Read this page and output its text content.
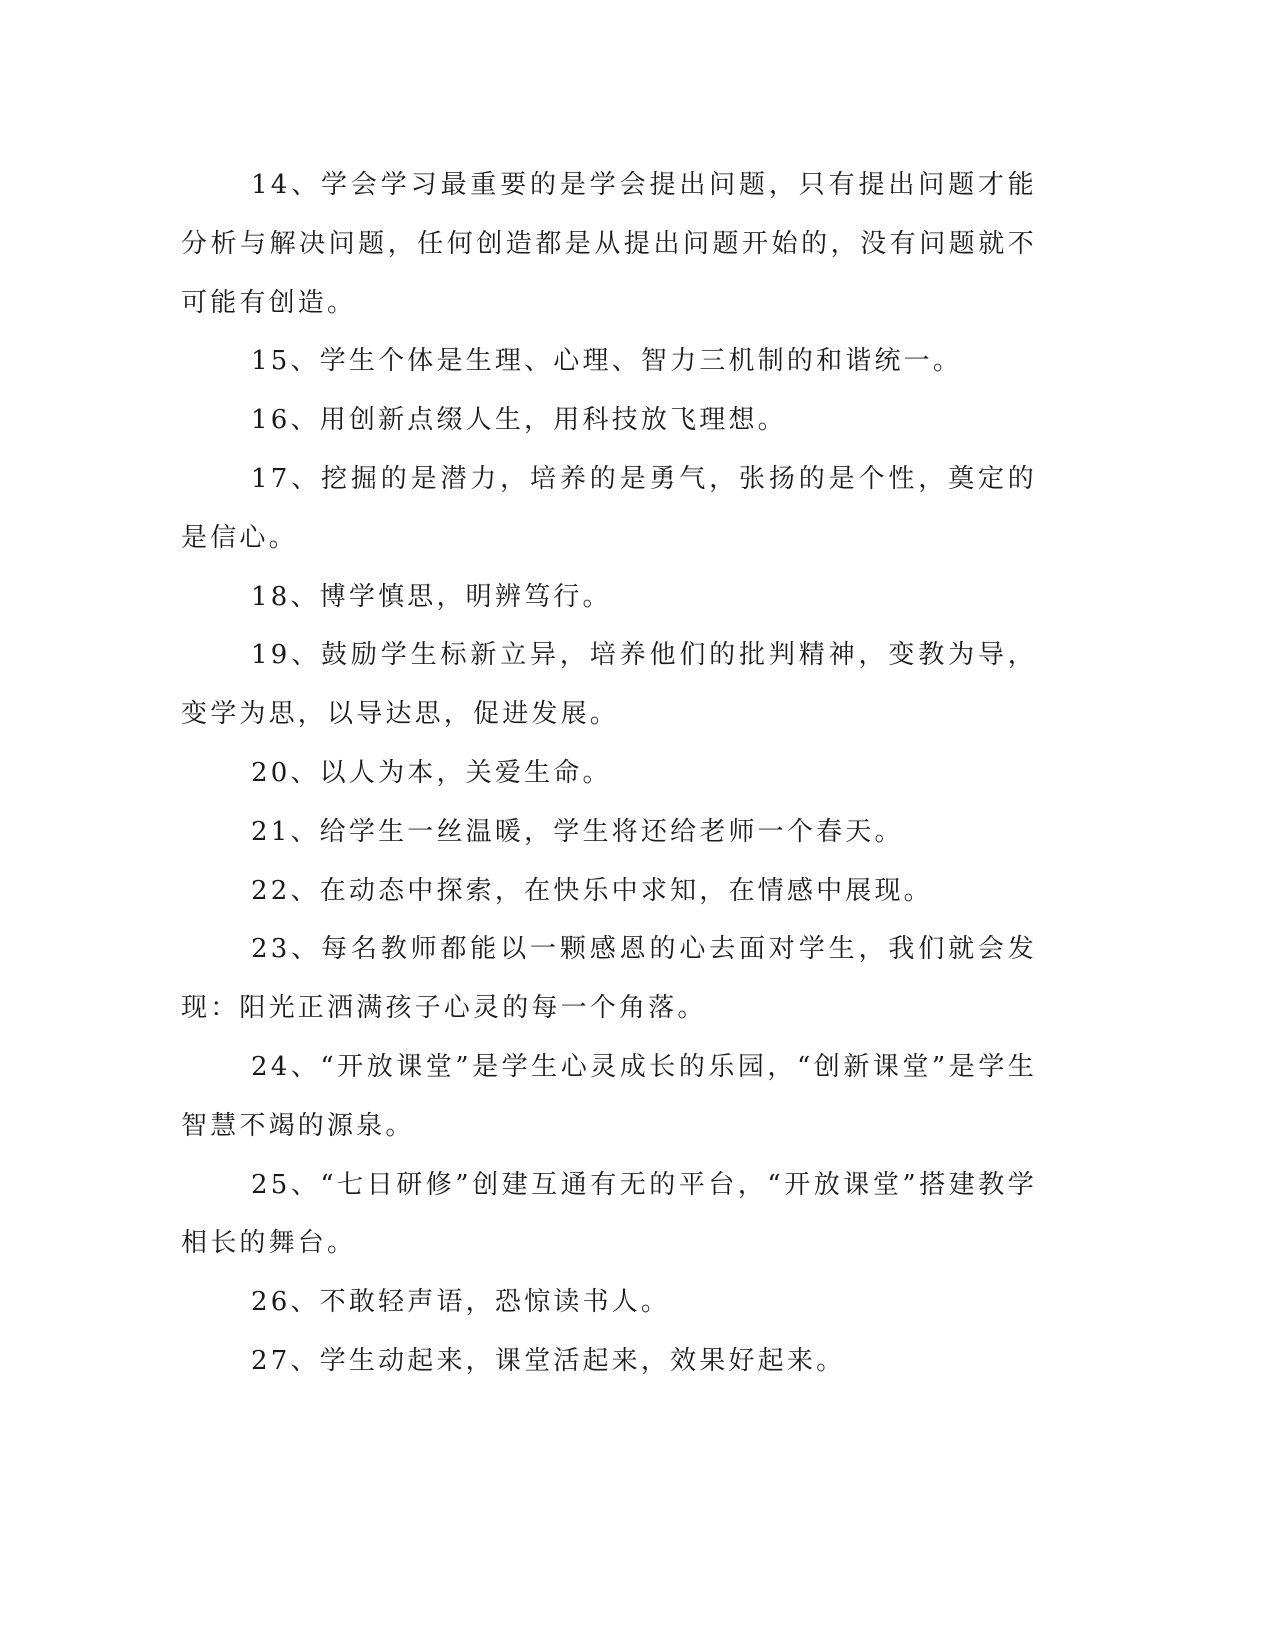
14、学会学习最重要的是学会提出问题，只有提出问题才能分析与解决问题，任何创造都是从提出问题开始的，没有问题就不可能有创造。

15、学生个体是生理、心理、智力三机制的和谐统一。

16、用创新点缀人生，用科技放飞理想。

17、挖掘的是潜力，培养的是勇气，张扬的是个性，奠定的是信心。

18、博学慎思，明辨笃行。

19、鼓励学生标新立异，培养他们的批判精神，变教为导，变学为思，以导达思，促进发展。

20、以人为本，关爱生命。

21、给学生一丝温暖，学生将还给老师一个春天。

22、在动态中探索，在快乐中求知，在情感中展现。

23、每名教师都能以一颗感恩的心去面对学生，我们就会发现：阳光正洒满孩子心灵的每一个角落。

24、“开放课堂”是学生心灵成长的乐园，“创新课堂”是学生智慧不竭的源泉。

25、“七日研修”创建互通有无的平台，“开放课堂”搭建教学相长的舞台。

26、不敢轻声语，恐惊读书人。

27、学生动起来，课堂活起来，效果好起来。
